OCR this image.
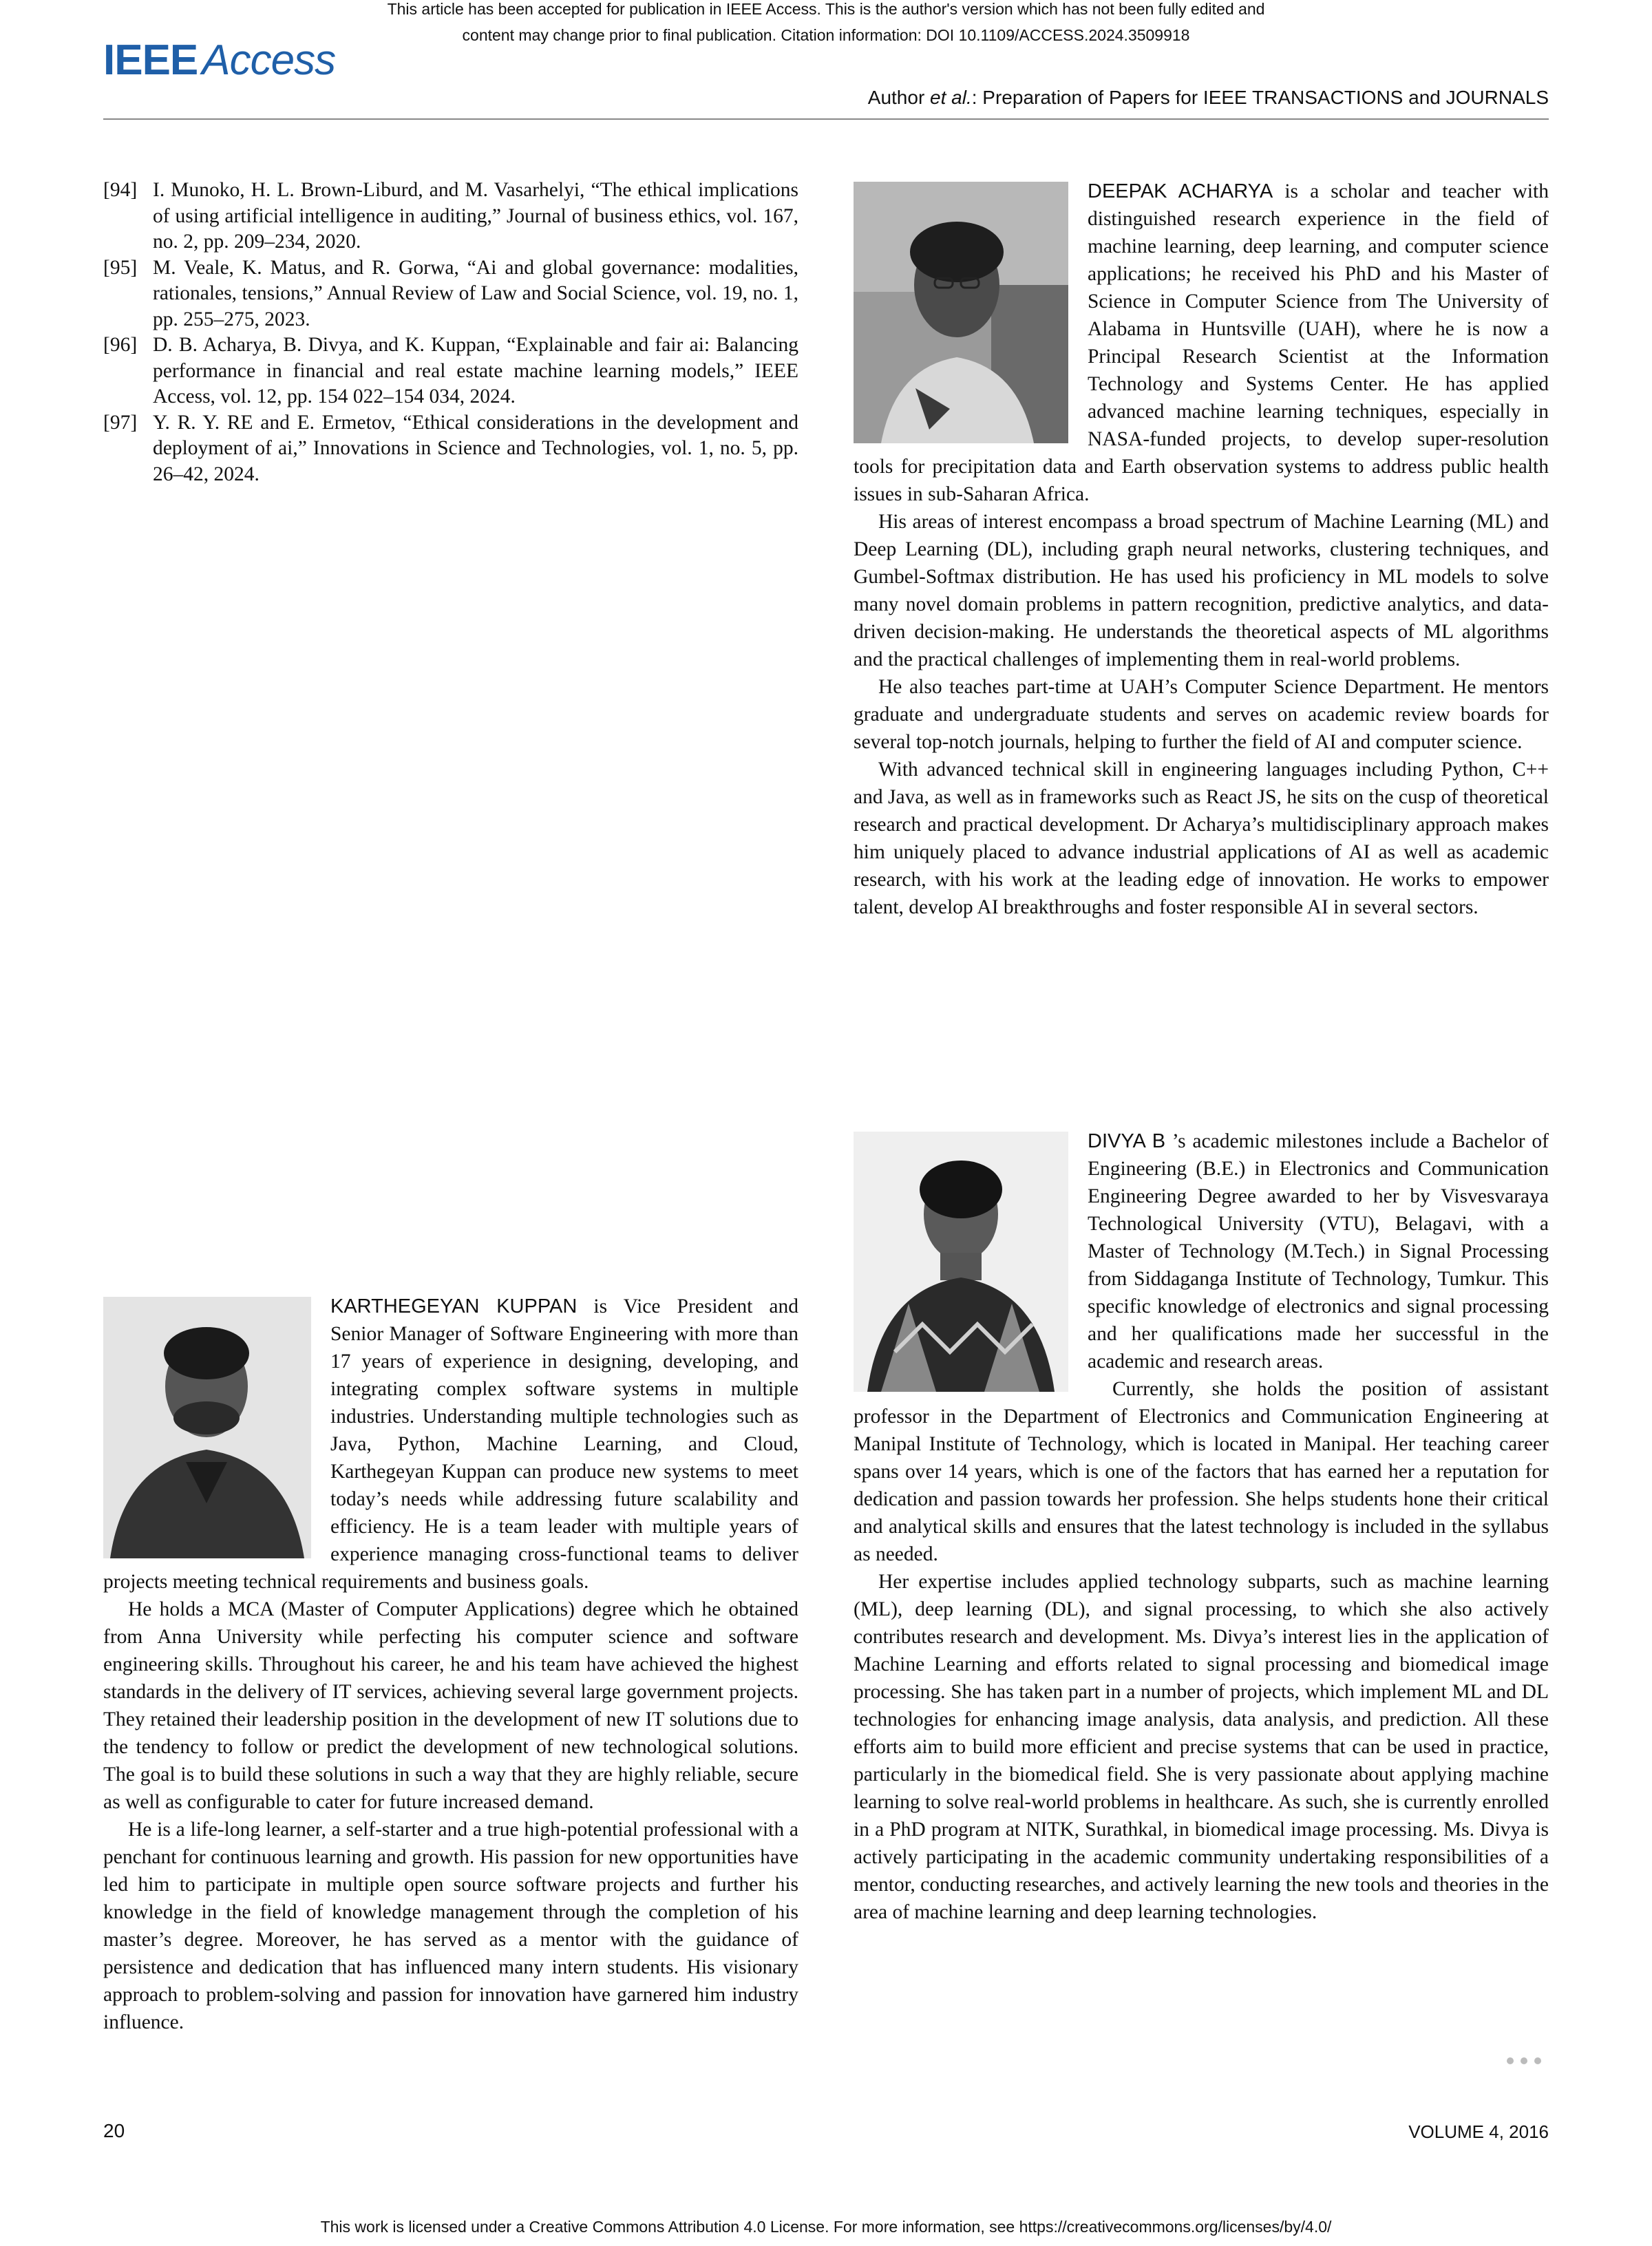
This article has been accepted for publication in IEEE Access. This is the author's version which has not been fully edited and
content may change prior to final publication. Citation information: DOI 10.1109/ACCESS.2024.3509918
IEEEAccess
Author et al.: Preparation of Papers for IEEE TRANSACTIONS and JOURNALS
[94] I. Munoko, H. L. Brown-Liburd, and M. Vasarhelyi, “The ethical implications of using artificial intelligence in auditing,” Journal of business ethics, vol. 167, no. 2, pp. 209–234, 2020.
[95] M. Veale, K. Matus, and R. Gorwa, “Ai and global governance: modalities, rationales, tensions,” Annual Review of Law and Social Science, vol. 19, no. 1, pp. 255–275, 2023.
[96] D. B. Acharya, B. Divya, and K. Kuppan, “Explainable and fair ai: Balancing performance in financial and real estate machine learning models,” IEEE Access, vol. 12, pp. 154 022–154 034, 2024.
[97] Y. R. Y. RE and E. Ermetov, “Ethical considerations in the development and deployment of ai,” Innovations in Science and Technologies, vol. 1, no. 5, pp. 26–42, 2024.

DEEPAK ACHARYA is a scholar and teacher with distinguished research experience in the field of machine learning, deep learning, and computer science applications; he received his PhD and his Master of Science in Computer Science from The University of Alabama in Huntsville (UAH), where he is now a Principal Research Scientist at the Information Technology and Systems Center. He has applied advanced machine learning techniques, especially in NASA-funded projects, to develop super-resolution tools for precipitation data and Earth observation systems to address public health issues in sub-Saharan Africa.

His areas of interest encompass a broad spectrum of Machine Learning (ML) and Deep Learning (DL), including graph neural networks, clustering techniques, and Gumbel-Softmax distribution. He has used his proficiency in ML models to solve many novel domain problems in pattern recognition, predictive analytics, and data-driven decision-making. He understands the theoretical aspects of ML algorithms and the practical challenges of implementing them in real-world problems.

He also teaches part-time at UAH’s Computer Science Department. He mentors graduate and undergraduate students and serves on academic review boards for several top-notch journals, helping to further the field of AI and computer science.

With advanced technical skill in engineering languages including Python, C++ and Java, as well as in frameworks such as React JS, he sits on the cusp of theoretical research and practical development. Dr Acharya’s multidisciplinary approach makes him uniquely placed to advance industrial applications of AI as well as academic research, with his work at the leading edge of innovation. He works to empower talent, develop AI breakthroughs and foster responsible AI in several sectors.

DIVYA B ’s academic milestones include a Bachelor of Engineering (B.E.) in Electronics and Communication Engineering Degree awarded to her by Visvesvaraya Technological University (VTU), Belagavi, with a Master of Technology (M.Tech.) in Signal Processing from Siddaganga Institute of Technology, Tumkur. This specific knowledge of electronics and signal processing and her qualifications made her successful in the academic and research areas.

Currently, she holds the position of assistant professor in the Department of Electronics and Communication Engineering at Manipal Institute of Technology, which is located in Manipal. Her teaching career spans over 14 years, which is one of the factors that has earned her a reputation for dedication and passion towards her profession. She helps students hone their critical and analytical skills and ensures that the latest technology is included in the syllabus as needed.

Her expertise includes applied technology subparts, such as machine learning (ML), deep learning (DL), and signal processing, to which she also actively contributes research and development. Ms. Divya’s interest lies in the application of Machine Learning and efforts related to signal processing and biomedical image processing. She has taken part in a number of projects, which implement ML and DL technologies for enhancing image analysis, data analysis, and prediction. All these efforts aim to build more efficient and precise systems that can be used in practice, particularly in the biomedical field. She is very passionate about applying machine learning to solve real-world problems in healthcare. As such, she is currently enrolled in a PhD program at NITK, Surathkal, in biomedical image processing. Ms. Divya is actively participating in the academic community undertaking responsibilities of a mentor, conducting researches, and actively learning the new tools and theories in the area of machine learning and deep learning technologies.

KARTHEGEYAN KUPPAN is Vice President and Senior Manager of Software Engineering with more than 17 years of experience in designing, developing, and integrating complex software systems in multiple industries. Understanding multiple technologies such as Java, Python, Machine Learning, and Cloud, Karthegeyan Kuppan can produce new systems to meet today’s needs while addressing future scalability and efficiency. He is a team leader with multiple years of experience managing cross-functional teams to deliver projects meeting technical requirements and business goals.

He holds a MCA (Master of Computer Applications) degree which he obtained from Anna University while perfecting his computer science and software engineering skills. Throughout his career, he and his team have achieved the highest standards in the delivery of IT services, achieving several large government projects. They retained their leadership position in the development of new IT solutions due to the tendency to follow or predict the development of new technological solutions. The goal is to build these solutions in such a way that they are highly reliable, secure as well as configurable to cater for future increased demand.

He is a life-long learner, a self-starter and a true high-potential professional with a penchant for continuous learning and growth. His passion for new opportunities have led him to participate in multiple open source software projects and further his knowledge in the field of knowledge management through the completion of his master’s degree. Moreover, he has served as a mentor with the guidance of persistence and dedication that has influenced many intern students. His visionary approach to problem-solving and passion for innovation have garnered him industry influence.

20	VOLUME 4, 2016
This work is licensed under a Creative Commons Attribution 4.0 License. For more information, see https://creativecommons.org/licenses/by/4.0/
